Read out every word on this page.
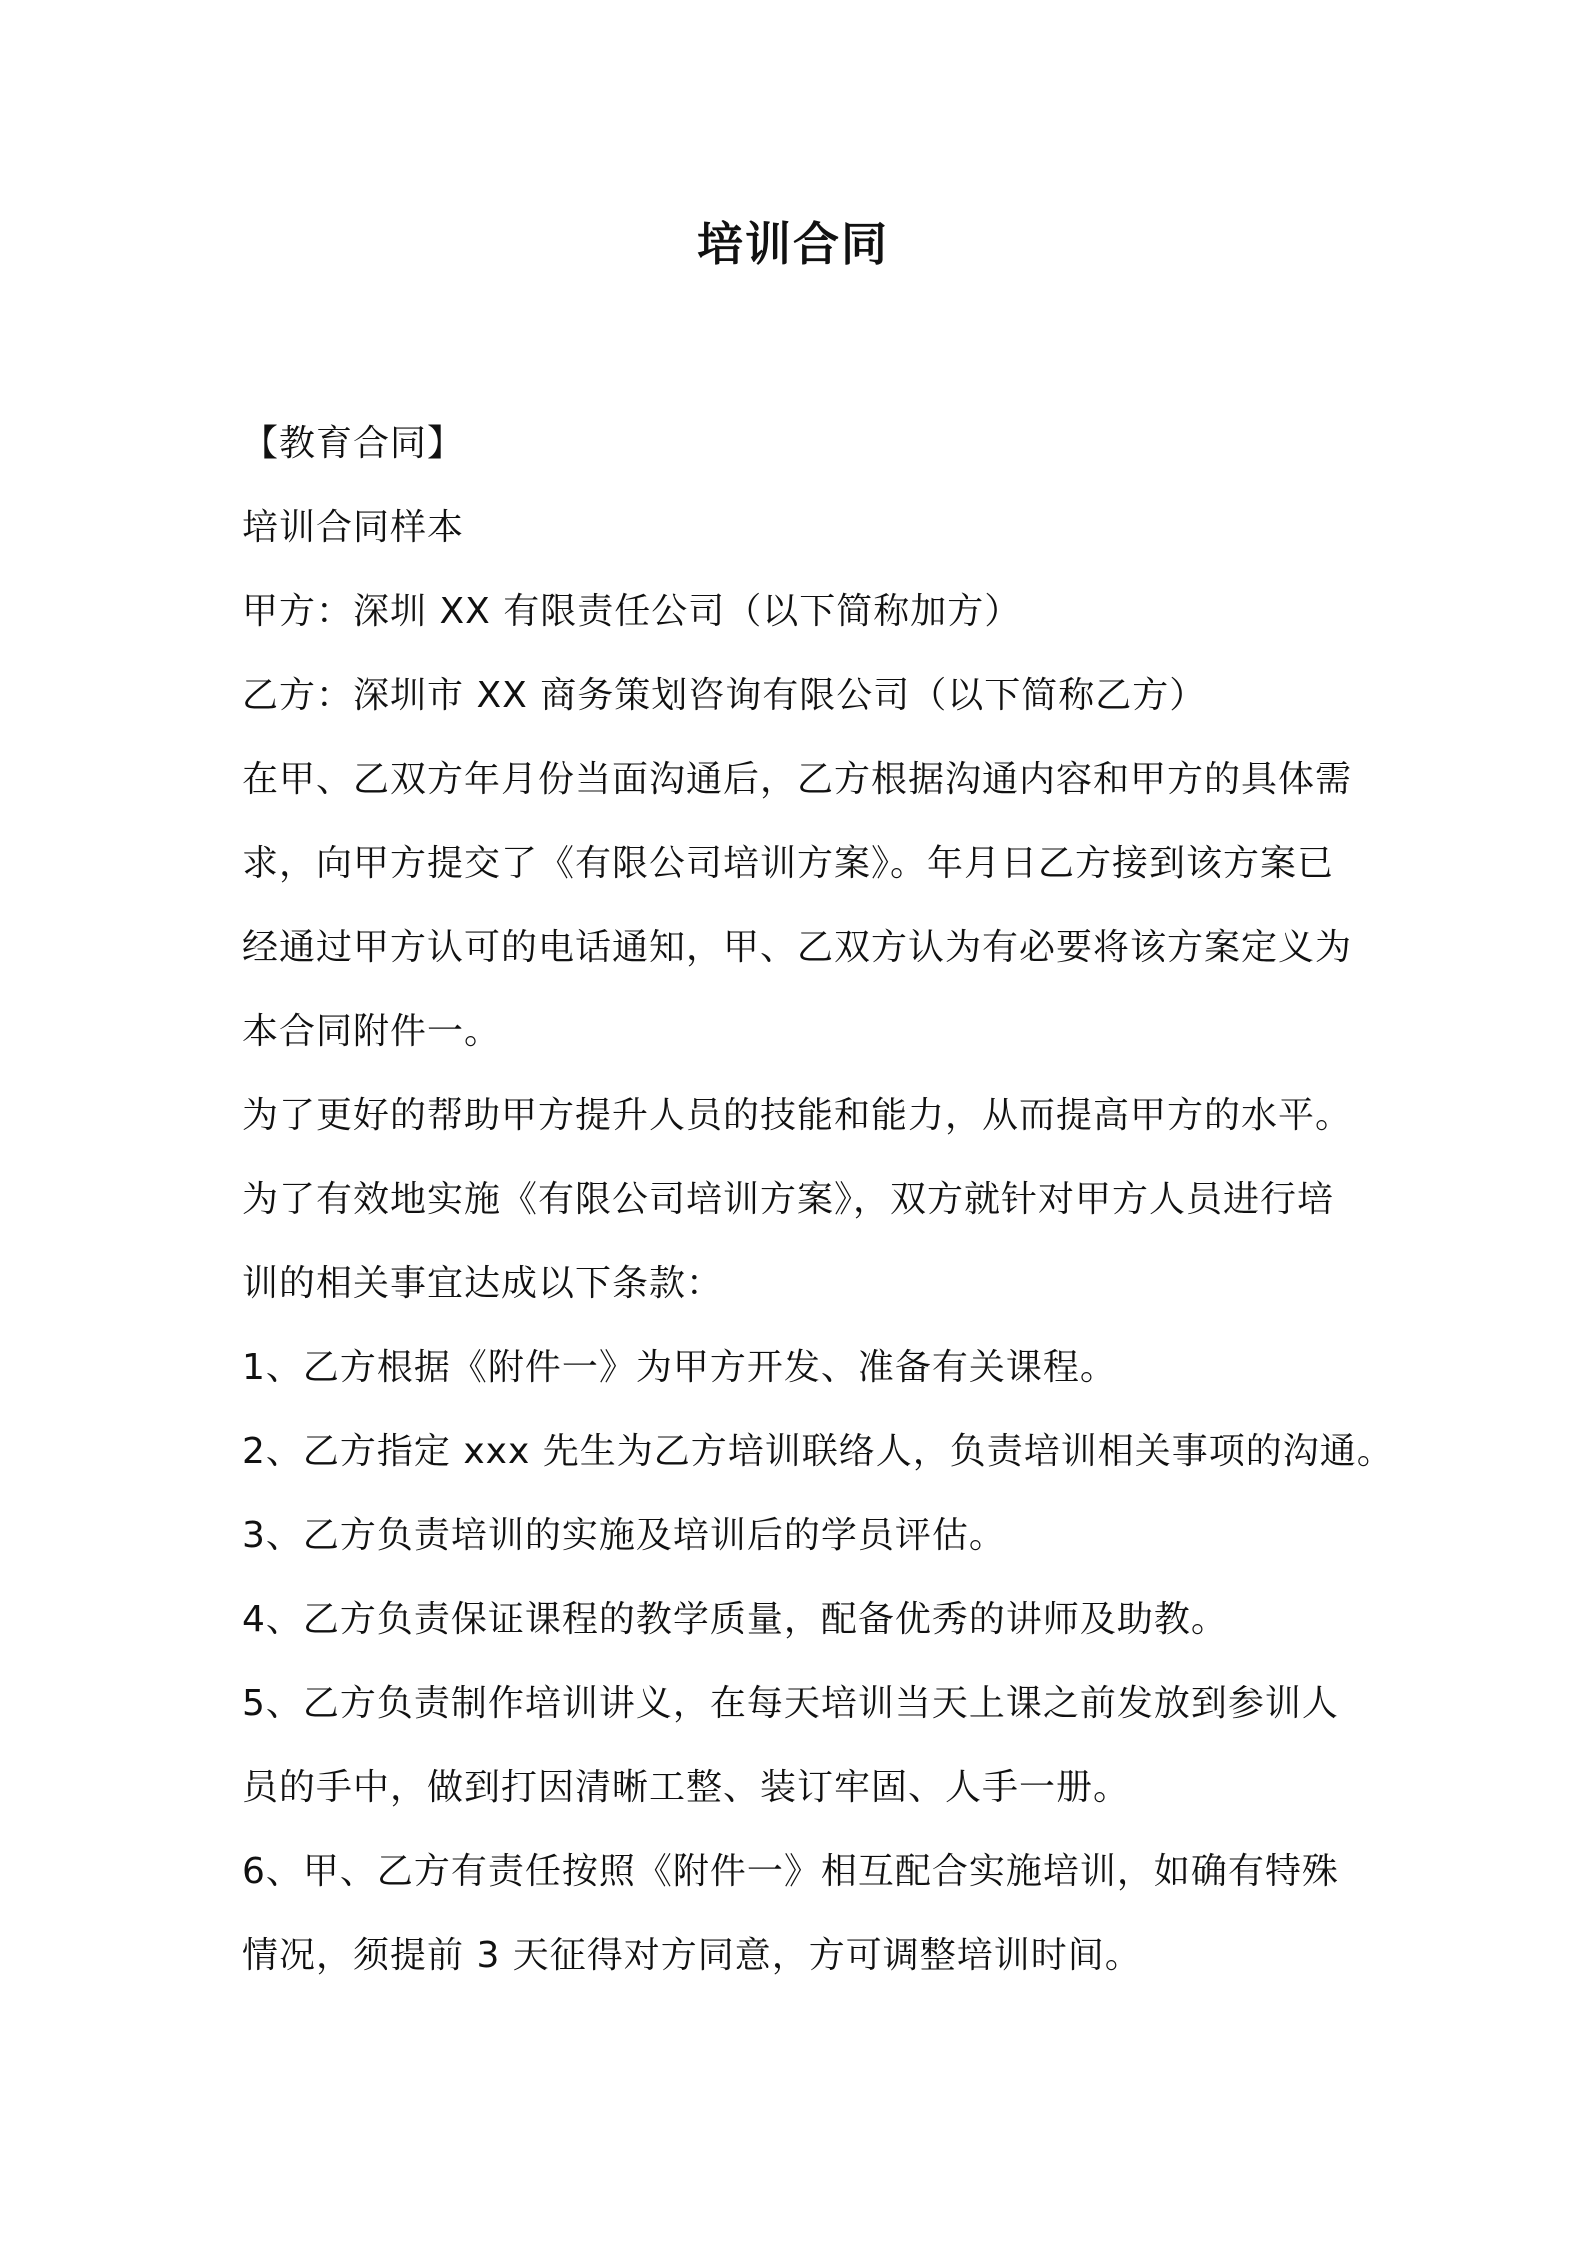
培训合同
【教育合同】
培训合同样本
甲方：深圳 XX 有限责任公司（以下简称加方）
乙方：深圳市 XX 商务策划咨询有限公司（以下简称乙方）
在甲、乙双方年月份当面沟通后，乙方根据沟通内容和甲方的具体需
求，向甲方提交了《有限公司培训方案》。年月日乙方接到该方案已
经通过甲方认可的电话通知，甲、乙双方认为有必要将该方案定义为
本合同附件一。
为了更好的帮助甲方提升人员的技能和能力，从而提高甲方的水平。
为了有效地实施《有限公司培训方案》，双方就针对甲方人员进行培
训的相关事宜达成以下条款：
1、乙方根据《附件一》为甲方开发、准备有关课程。
2、乙方指定 xxx 先生为乙方培训联络人，负责培训相关事项的沟通。
3、乙方负责培训的实施及培训后的学员评估。
4、乙方负责保证课程的教学质量，配备优秀的讲师及助教。
5、乙方负责制作培训讲义，在每天培训当天上课之前发放到参训人
员的手中，做到打因清晰工整、装订牢固、人手一册。
6、甲、乙方有责任按照《附件一》相互配合实施培训，如确有特殊
情况，须提前 3 天征得对方同意，方可调整培训时间。
